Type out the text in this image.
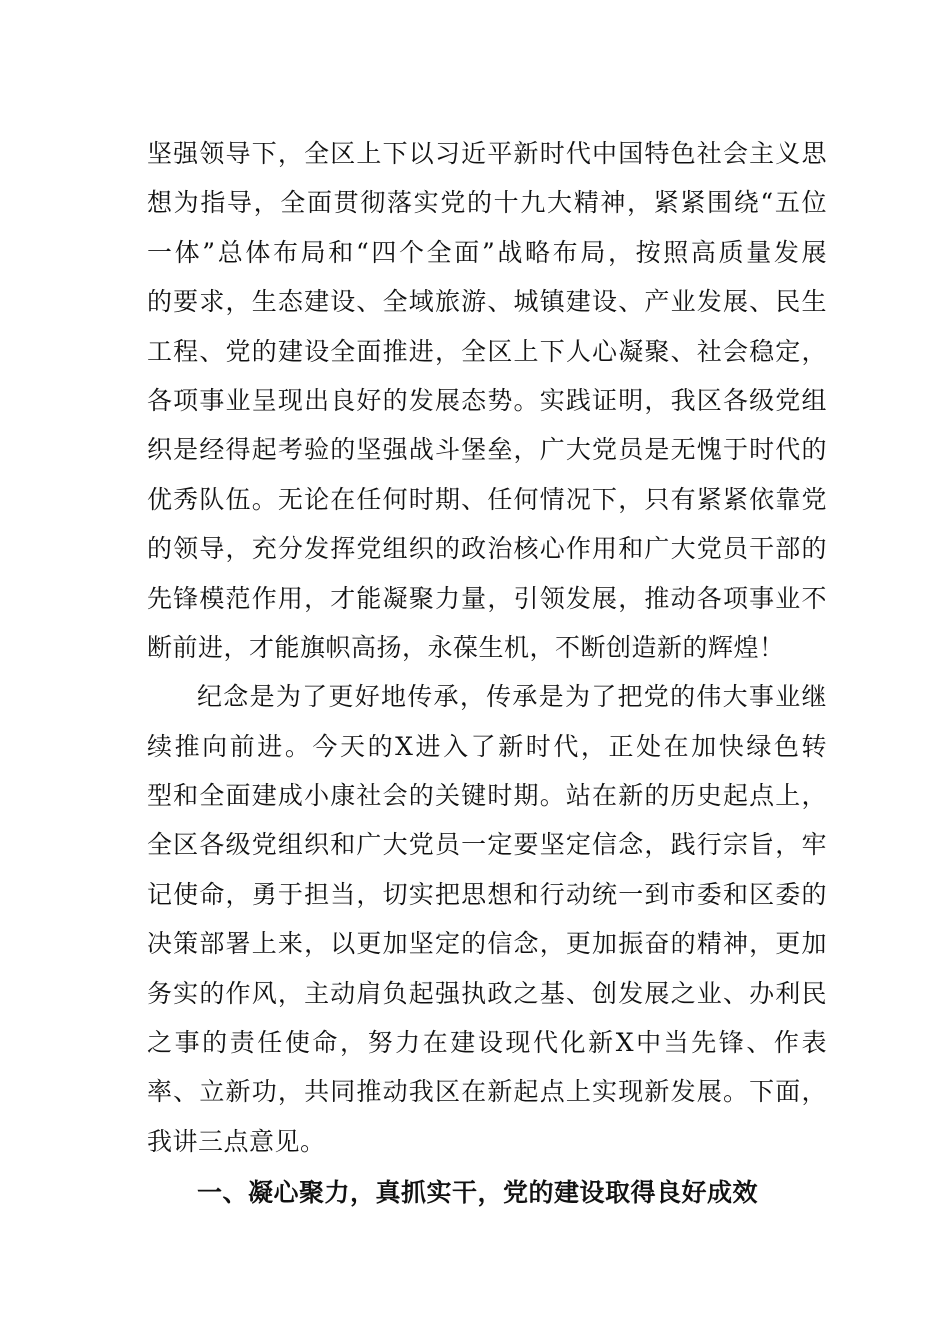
坚强领导下，全区上下以习近平新时代中国特色社会主义思
想为指导，全面贯彻落实党的十九大精神，紧紧围绕“五位
一体”总体布局和“四个全面”战略布局，按照高质量发展
的要求，生态建设、全域旅游、城镇建设、产业发展、民生
工程、党的建设全面推进，全区上下人心凝聚、社会稳定，
各项事业呈现出良好的发展态势。实践证明，我区各级党组
织是经得起考验的坚强战斗堡垒，广大党员是无愧于时代的
优秀队伍。无论在任何时期、任何情况下，只有紧紧依靠党
的领导，充分发挥党组织的政治核心作用和广大党员干部的
先锋模范作用，才能凝聚力量，引领发展，推动各项事业不
断前进，才能旗帜高扬，永葆生机，不断创造新的辉煌！
纪念是为了更好地传承，传承是为了把党的伟大事业继
续推向前进。今天的X进入了新时代，正处在加快绿色转
型和全面建成小康社会的关键时期。站在新的历史起点上，
全区各级党组织和广大党员一定要坚定信念，践行宗旨，牢
记使命，勇于担当，切实把思想和行动统一到市委和区委的
决策部署上来，以更加坚定的信念，更加振奋的精神，更加
务实的作风，主动肩负起强执政之基、创发展之业、办利民
之事的责任使命，努力在建设现代化新X中当先锋、作表
率、立新功，共同推动我区在新起点上实现新发展。下面，
我讲三点意见。
一、凝心聚力，真抓实干，党的建设取得良好成效
